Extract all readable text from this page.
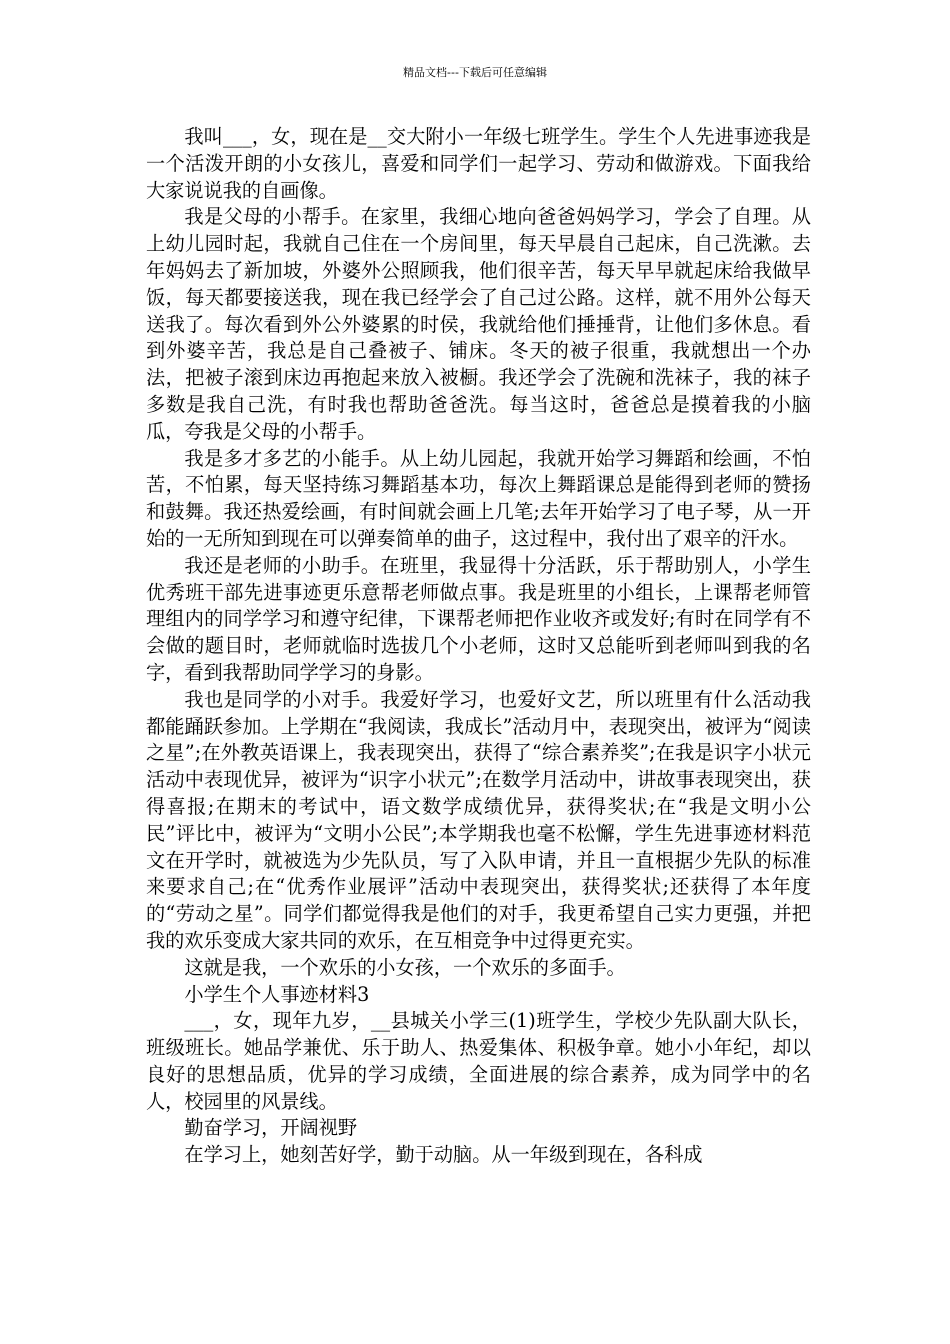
精品文档---下载后可任意编辑

我叫___，女，现在是__交大附小一年级七班学生。学生个人先进事迹我是一个活泼开朗的小女孩儿，喜爱和同学们一起学习、劳动和做游戏。下面我给大家说说我的自画像。

我是父母的小帮手。在家里，我细心地向爸爸妈妈学习，学会了自理。从上幼儿园时起，我就自己住在一个房间里，每天早晨自己起床，自己洗漱。去年妈妈去了新加坡，外婆外公照顾我，他们很辛苦，每天早早就起床给我做早饭，每天都要接送我，现在我已经学会了自己过公路。这样，就不用外公每天送我了。每次看到外公外婆累的时侯，我就给他们捶捶背，让他们多休息。看到外婆辛苦，我总是自己叠被子、铺床。冬天的被子很重，我就想出一个办法，把被子滚到床边再抱起来放入被橱。我还学会了洗碗和洗袜子，我的袜子多数是我自己洗，有时我也帮助爸爸洗。每当这时，爸爸总是摸着我的小脑瓜，夸我是父母的小帮手。

我是多才多艺的小能手。从上幼儿园起，我就开始学习舞蹈和绘画，不怕苦，不怕累，每天坚持练习舞蹈基本功，每次上舞蹈课总是能得到老师的赞扬和鼓舞。我还热爱绘画，有时间就会画上几笔;去年开始学习了电子琴，从一开始的一无所知到现在可以弹奏简单的曲子，这过程中，我付出了艰辛的汗水。

我还是老师的小助手。在班里，我显得十分活跃，乐于帮助别人，小学生优秀班干部先进事迹更乐意帮老师做点事。我是班里的小组长，上课帮老师管理组内的同学学习和遵守纪律，下课帮老师把作业收齐或发好;有时在同学有不会做的题目时，老师就临时选拔几个小老师，这时又总能听到老师叫到我的名字，看到我帮助同学学习的身影。

我也是同学的小对手。我爱好学习，也爱好文艺，所以班里有什么活动我都能踊跃参加。上学期在“我阅读，我成长”活动月中，表现突出，被评为“阅读之星”;在外教英语课上，我表现突出，获得了“综合素养奖”;在我是识字小状元活动中表现优异，被评为“识字小状元”;在数学月活动中，讲故事表现突出，获得喜报;在期末的考试中，语文数学成绩优异，获得奖状;在“我是文明小公民”评比中，被评为“文明小公民”;本学期我也毫不松懈，学生先进事迹材料范文在开学时，就被选为少先队员，写了入队申请，并且一直根据少先队的标准来要求自己;在“优秀作业展评”活动中表现突出，获得奖状;还获得了本年度的“劳动之星”。同学们都觉得我是他们的对手，我更希望自己实力更强，并把我的欢乐变成大家共同的欢乐，在互相竞争中过得更充实。

这就是我，一个欢乐的小女孩，一个欢乐的多面手。

小学生个人事迹材料3

___，女，现年九岁，__县城关小学三(1)班学生，学校少先队副大队长，班级班长。她品学兼优、乐于助人、热爱集体、积极争章。她小小年纪，却以良好的思想品质，优异的学习成绩，全面进展的综合素养，成为同学中的名人，校园里的风景线。

勤奋学习，开阔视野

在学习上，她刻苦好学，勤于动脑。从一年级到现在，各科成
